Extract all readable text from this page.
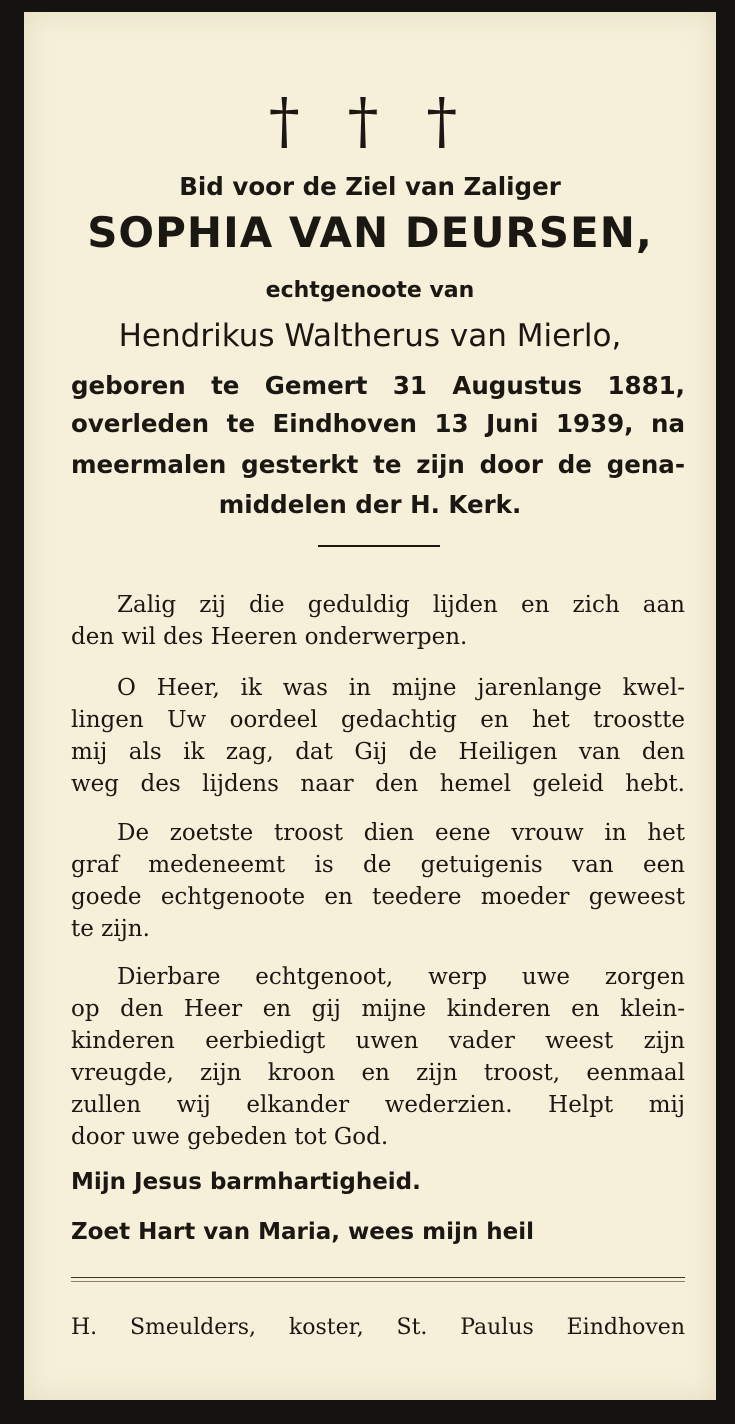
† † †
Bid voor de Ziel van Zaliger
SOPHIA VAN DEURSEN,
echtgenoote van
Hendrikus Waltherus van Mierlo,
geboren te Gemert 31 Augustus 1881,
overleden te Eindhoven 13 Juni 1939, na
meermalen gesterkt te zijn door de gena-
middelen der H. Kerk.
Zalig zij die geduldig lijden en zich aan
den wil des Heeren onderwerpen.
O Heer, ik was in mijne jarenlange kwel-
lingen Uw oordeel gedachtig en het troostte
mij als ik zag, dat Gij de Heiligen van den
weg des lijdens naar den hemel geleid hebt.
De zoetste troost dien eene vrouw in het
graf medeneemt is de getuigenis van een
goede echtgenoote en teedere moeder geweest
te zijn.
Dierbare echtgenoot, werp uwe zorgen
op den Heer en gij mijne kinderen en klein-
kinderen eerbiedigt uwen vader weest zijn
vreugde, zijn kroon en zijn troost, eenmaal
zullen wij elkander wederzien. Helpt mij
door uwe gebeden tot God.
Mijn Jesus barmhartigheid.
Zoet Hart van Maria, wees mijn heil
H. Smeulders, koster, St. Paulus Eindhoven
